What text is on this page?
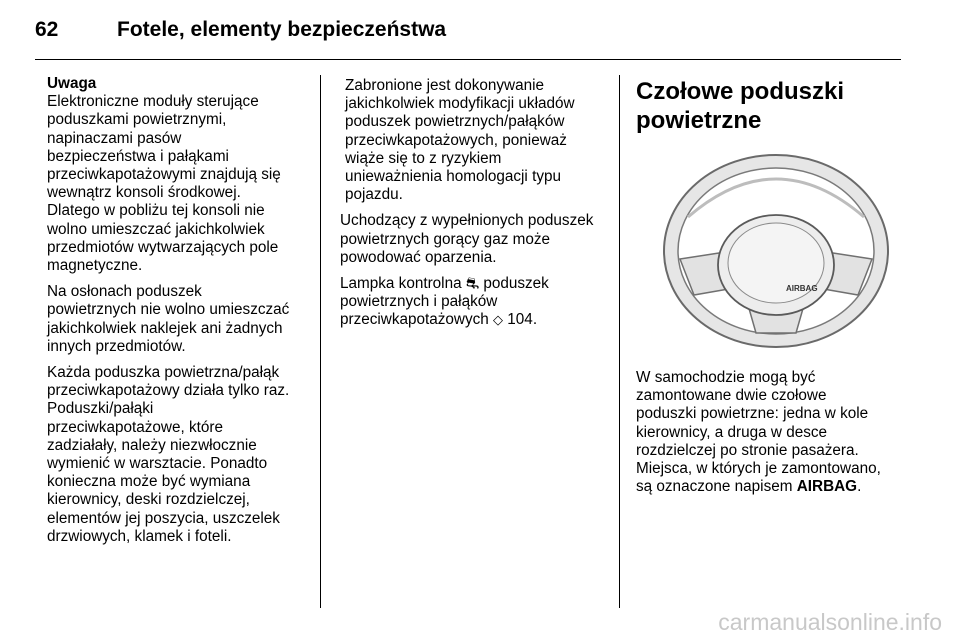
62	Fotele, elementy bezpieczeństwa

Uwaga
Elektroniczne moduły sterujące
poduszkami powietrznymi,
napinaczami pasów
bezpieczeństwa i pałąkami
przeciwkapotażowymi znajdują się
wewnątrz konsoli środkowej.
Dlatego w pobliżu tej konsoli nie
wolno umieszczać jakichkolwiek
przedmiotów wytwarzających pole
magnetyczne.

Na osłonach poduszek
powietrznych nie wolno umieszczać
jakichkolwiek naklejek ani żadnych
innych przedmiotów.

Każda poduszka powietrzna/pałąk
przeciwkapotażowy działa tylko raz.
Poduszki/pałąki
przeciwkapotażowe, które
zadziałały, należy niezwłocznie
wymienić w warsztacie. Ponadto
konieczna może być wymiana
kierownicy, deski rozdzielczej,
elementów jej poszycia, uszczelek
drzwiowych, klamek i foteli.

Zabronione jest dokonywanie
jakichkolwiek modyfikacji układów
poduszek powietrznych/pałąków
przeciwkapotażowych, ponieważ
wiąże się to z ryzykiem
unieważnienia homologacji typu
pojazdu.

Uchodzący z wypełnionych poduszek
powietrznych gorący gaz może
powodować oparzenia.

Lampka kontrolna ⛐ poduszek
powietrznych i pałąków
przeciwkapotażowych ◇ 104.

Czołowe poduszki
powietrzne
AIRBAG

W samochodzie mogą być
zamontowane dwie czołowe
poduszki powietrzne: jedna w kole
kierownicy, a druga w desce
rozdzielczej po stronie pasażera.
Miejsca, w których je zamontowano,
są oznaczone napisem AIRBAG.

carmanualsonline.info
